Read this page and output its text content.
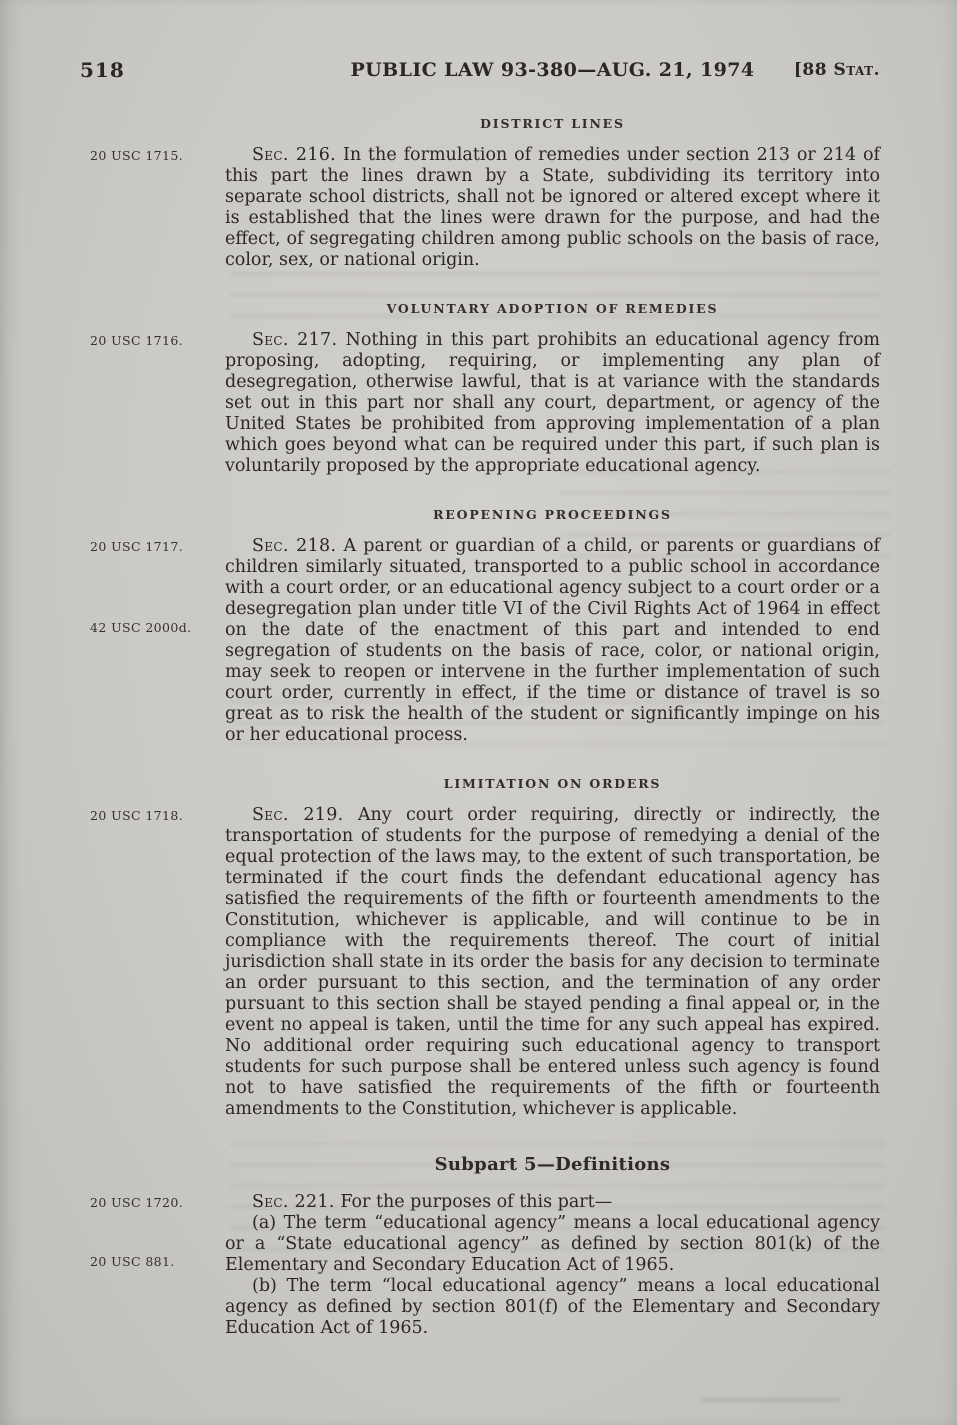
518	PUBLIC LAW 93-380—AUG. 21, 1974	[88 Stat.
DISTRICT LINES
20 USC 1715.	Sec. 216. In the formulation of remedies under section 213 or 214 of this part the lines drawn by a State, subdividing its territory into separate school districts, shall not be ignored or altered except where it is established that the lines were drawn for the purpose, and had the effect, of segregating children among public schools on the basis of race, color, sex, or national origin.

VOLUNTARY ADOPTION OF REMEDIES
20 USC 1716.	Sec. 217. Nothing in this part prohibits an educational agency from proposing, adopting, requiring, or implementing any plan of desegregation, otherwise lawful, that is at variance with the standards set out in this part nor shall any court, department, or agency of the United States be prohibited from approving implementation of a plan which goes beyond what can be required under this part, if such plan is voluntarily proposed by the appropriate educational agency.

REOPENING PROCEEDINGS
20 USC 1717.
42 USC 2000d.

Sec. 218. A parent or guardian of a child, or parents or guardians of children similarly situated, transported to a public school in accordance with a court order, or an educational agency subject to a court order or a desegregation plan under title VI of the Civil Rights Act of 1964 in effect on the date of the enactment of this part and intended to end segregation of students on the basis of race, color, or national origin, may seek to reopen or intervene in the further implementation of such court order, currently in effect, if the time or distance of travel is so great as to risk the health of the student or significantly impinge on his or her educational process.

LIMITATION ON ORDERS
20 USC 1718.	Sec. 219. Any court order requiring, directly or indirectly, the transportation of students for the purpose of remedying a denial of the equal protection of the laws may, to the extent of such transportation, be terminated if the court finds the defendant educational agency has satisfied the requirements of the fifth or fourteenth amendments to the Constitution, whichever is applicable, and will continue to be in compliance with the requirements thereof. The court of initial jurisdiction shall state in its order the basis for any decision to terminate an order pursuant to this section, and the termination of any order pursuant to this section shall be stayed pending a final appeal or, in the event no appeal is taken, until the time for any such appeal has expired. No additional order requiring such educational agency to transport students for such purpose shall be entered unless such agency is found not to have satisfied the requirements of the fifth or fourteenth amendments to the Constitution, whichever is applicable.

Subpart 5—Definitions
20 USC 1720.
20 USC 881.

Sec. 221. For the purposes of this part—

(a) The term “educational agency” means a local educational agency or a “State educational agency” as defined by section 801(k) of the Elementary and Secondary Education Act of 1965.

(b) The term “local educational agency” means a local educational agency as defined by section 801(f) of the Elementary and Secondary Education Act of 1965.
